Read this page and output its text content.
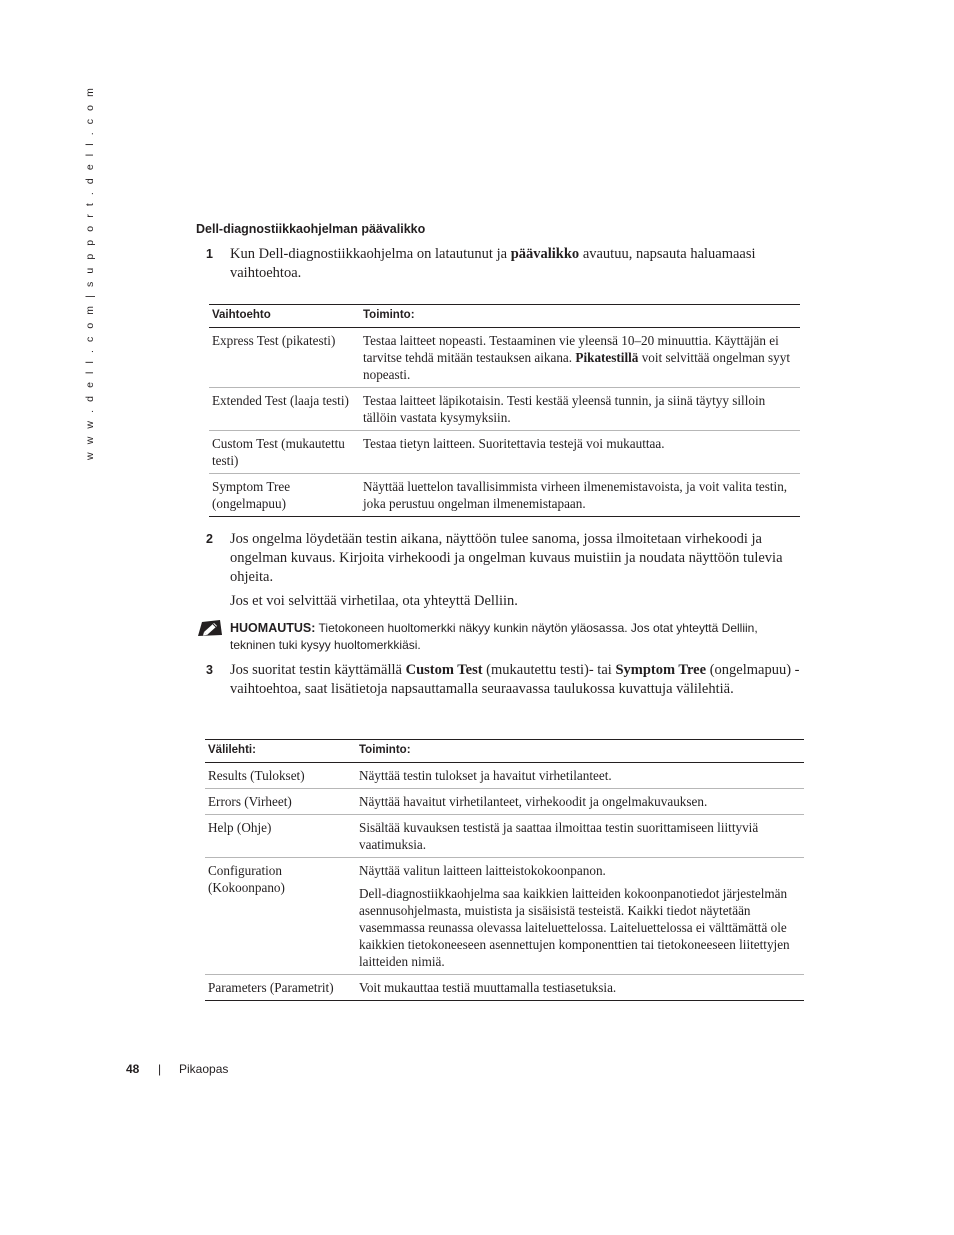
w w w . d e l l . c o m | s u p p o r t . d e l l . c o m	Dell-diagnostiikkaohjelman päävalikko
1 Kun Dell-diagnostiikkaohjelma on latautunut ja päävalikko avautuu, napsauta haluamaasi vaihtoehtoa.
Vaihtoehto	Toiminto:
Express Test (pikatesti)	Testaa laitteet nopeasti. Testaaminen vie yleensä 10–20 minuuttia. Käyttäjän ei tarvitse tehdä mitään testauksen aikana. Pikatestillä voit selvittää ongelman syyt nopeasti.
Extended Test (laaja testi)	Testaa laitteet läpikotaisin. Testi kestää yleensä tunnin, ja siinä täytyy silloin tällöin vastata kysymyksiin.
Custom Test (mukautettu testi)	Testaa tietyn laitteen. Suoritettavia testejä voi mukauttaa.
Symptom Tree (ongelmapuu)	Näyttää luettelon tavallisimmista virheen ilmenemistavoista, ja voit valita testin, joka perustuu ongelman ilmenemistapaan.
2 Jos ongelma löydetään testin aikana, näyttöön tulee sanoma, jossa ilmoitetaan virhekoodi ja ongelman kuvaus. Kirjoita virhekoodi ja ongelman kuvaus muistiin ja noudata näyttöön tulevia ohjeita.
Jos et voi selvittää virhetilaa, ota yhteyttä Delliin.
HUOMAUTUS: Tietokoneen huoltomerkki näkyy kunkin näytön yläosassa. Jos otat yhteyttä Delliin, tekninen tuki kysyy huoltomerkkiäsi.
3 Jos suoritat testin käyttämällä Custom Test (mukautettu testi)- tai Symptom Tree (ongelmapuu) -vaihtoehtoa, saat lisätietoja napsauttamalla seuraavassa taulukossa kuvattuja välilehtiä.
Välilehti:	Toiminto:
Results (Tulokset)	Näyttää testin tulokset ja havaitut virhetilanteet.
Errors (Virheet)	Näyttää havaitut virhetilanteet, virhekoodit ja ongelmakuvauksen.
Help (Ohje)	Sisältää kuvauksen testistä ja saattaa ilmoittaa testin suorittamiseen liittyviä vaatimuksia.
Configuration (Kokoonpano)	Näyttää valitun laitteen laitteistokokoonpanon.

Dell-diagnostiikkaohjelma saa kaikkien laitteiden kokoonpanotiedot järjestelmän asennusohjelmasta, muistista ja sisäisistä testeistä. Kaikki tiedot näytetään vasemmassa reunassa olevassa laiteluettelossa. Laiteluettelossa ei välttämättä ole kaikkien tietokoneeseen asennettujen komponenttien tai tietokoneeseen liitettyjen laitteiden nimiä.

Parameters (Parametrit)	Voit mukauttaa testiä muuttamalla testiasetuksia.
48 | Pikaopas
